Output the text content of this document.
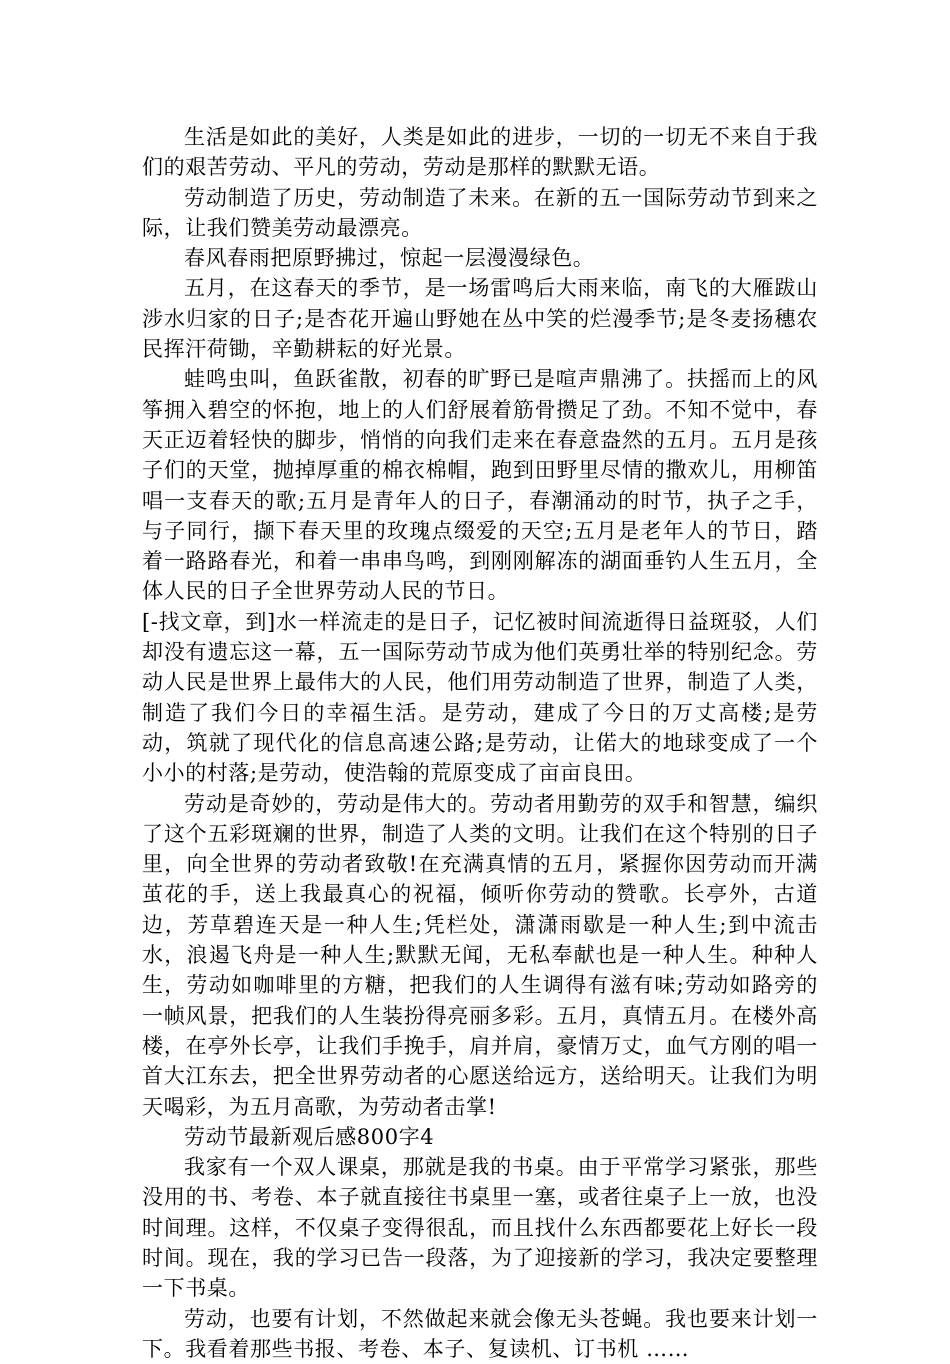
生活是如此的美好，人类是如此的进步，一切的一切无不来自于我们的艰苦劳动、平凡的劳动，劳动是那样的默默无语。

劳动制造了历史，劳动制造了未来。在新的五一国际劳动节到来之际，让我们赞美劳动最漂亮。

春风春雨把原野拂过，惊起一层漫漫绿色。

五月，在这春天的季节，是一场雷鸣后大雨来临，南飞的大雁跋山涉水归家的日子;是杏花开遍山野她在丛中笑的烂漫季节;是冬麦扬穗农民挥汗荷锄，辛勤耕耘的好光景。

蛙鸣虫叫，鱼跃雀散，初春的旷野已是喧声鼎沸了。扶摇而上的风筝拥入碧空的怀抱，地上的人们舒展着筋骨攒足了劲。不知不觉中，春天正迈着轻快的脚步，悄悄的向我们走来在春意盎然的五月。五月是孩子们的天堂，抛掉厚重的棉衣棉帽，跑到田野里尽情的撒欢儿，用柳笛唱一支春天的歌;五月是青年人的日子，春潮涌动的时节，执子之手，与子同行，撷下春天里的玫瑰点缀爱的天空;五月是老年人的节日，踏着一路路春光，和着一串串鸟鸣，到刚刚解冻的湖面垂钓人生五月，全体人民的日子全世界劳动人民的节日。

[-找文章，到]水一样流走的是日子，记忆被时间流逝得日益斑驳，人们却没有遗忘这一幕，五一国际劳动节成为他们英勇壮举的特别纪念。劳动人民是世界上最伟大的人民，他们用劳动制造了世界，制造了人类，制造了我们今日的幸福生活。是劳动，建成了今日的万丈高楼;是劳动，筑就了现代化的信息高速公路;是劳动，让偌大的地球变成了一个小小的村落;是劳动，使浩翰的荒原变成了亩亩良田。

劳动是奇妙的，劳动是伟大的。劳动者用勤劳的双手和智慧，编织了这个五彩斑斓的世界，制造了人类的文明。让我们在这个特别的日子里，向全世界的劳动者致敬!在充满真情的五月，紧握你因劳动而开满茧花的手，送上我最真心的祝福，倾听你劳动的赞歌。长亭外，古道边，芳草碧连天是一种人生;凭栏处，潇潇雨歇是一种人生;到中流击水，浪遏飞舟是一种人生;默默无闻，无私奉献也是一种人生。种种人生，劳动如咖啡里的方糖，把我们的人生调得有滋有味;劳动如路旁的一帧风景，把我们的人生装扮得亮丽多彩。五月，真情五月。在楼外高楼，在亭外长亭，让我们手挽手，肩并肩，豪情万丈，血气方刚的唱一首大江东去，把全世界劳动者的心愿送给远方，送给明天。让我们为明天喝彩，为五月高歌，为劳动者击掌!

劳动节最新观后感800字4

我家有一个双人课桌，那就是我的书桌。由于平常学习紧张，那些没用的书、考卷、本子就直接往书桌里一塞，或者往桌子上一放，也没时间理。这样，不仅桌子变得很乱，而且找什么东西都要花上好长一段时间。现在，我的学习已告一段落，为了迎接新的学习，我决定要整理一下书桌。

劳动，也要有计划，不然做起来就会像无头苍蝇。我也要来计划一下。我看着那些书报、考卷、本子、复读机、订书机 ……
